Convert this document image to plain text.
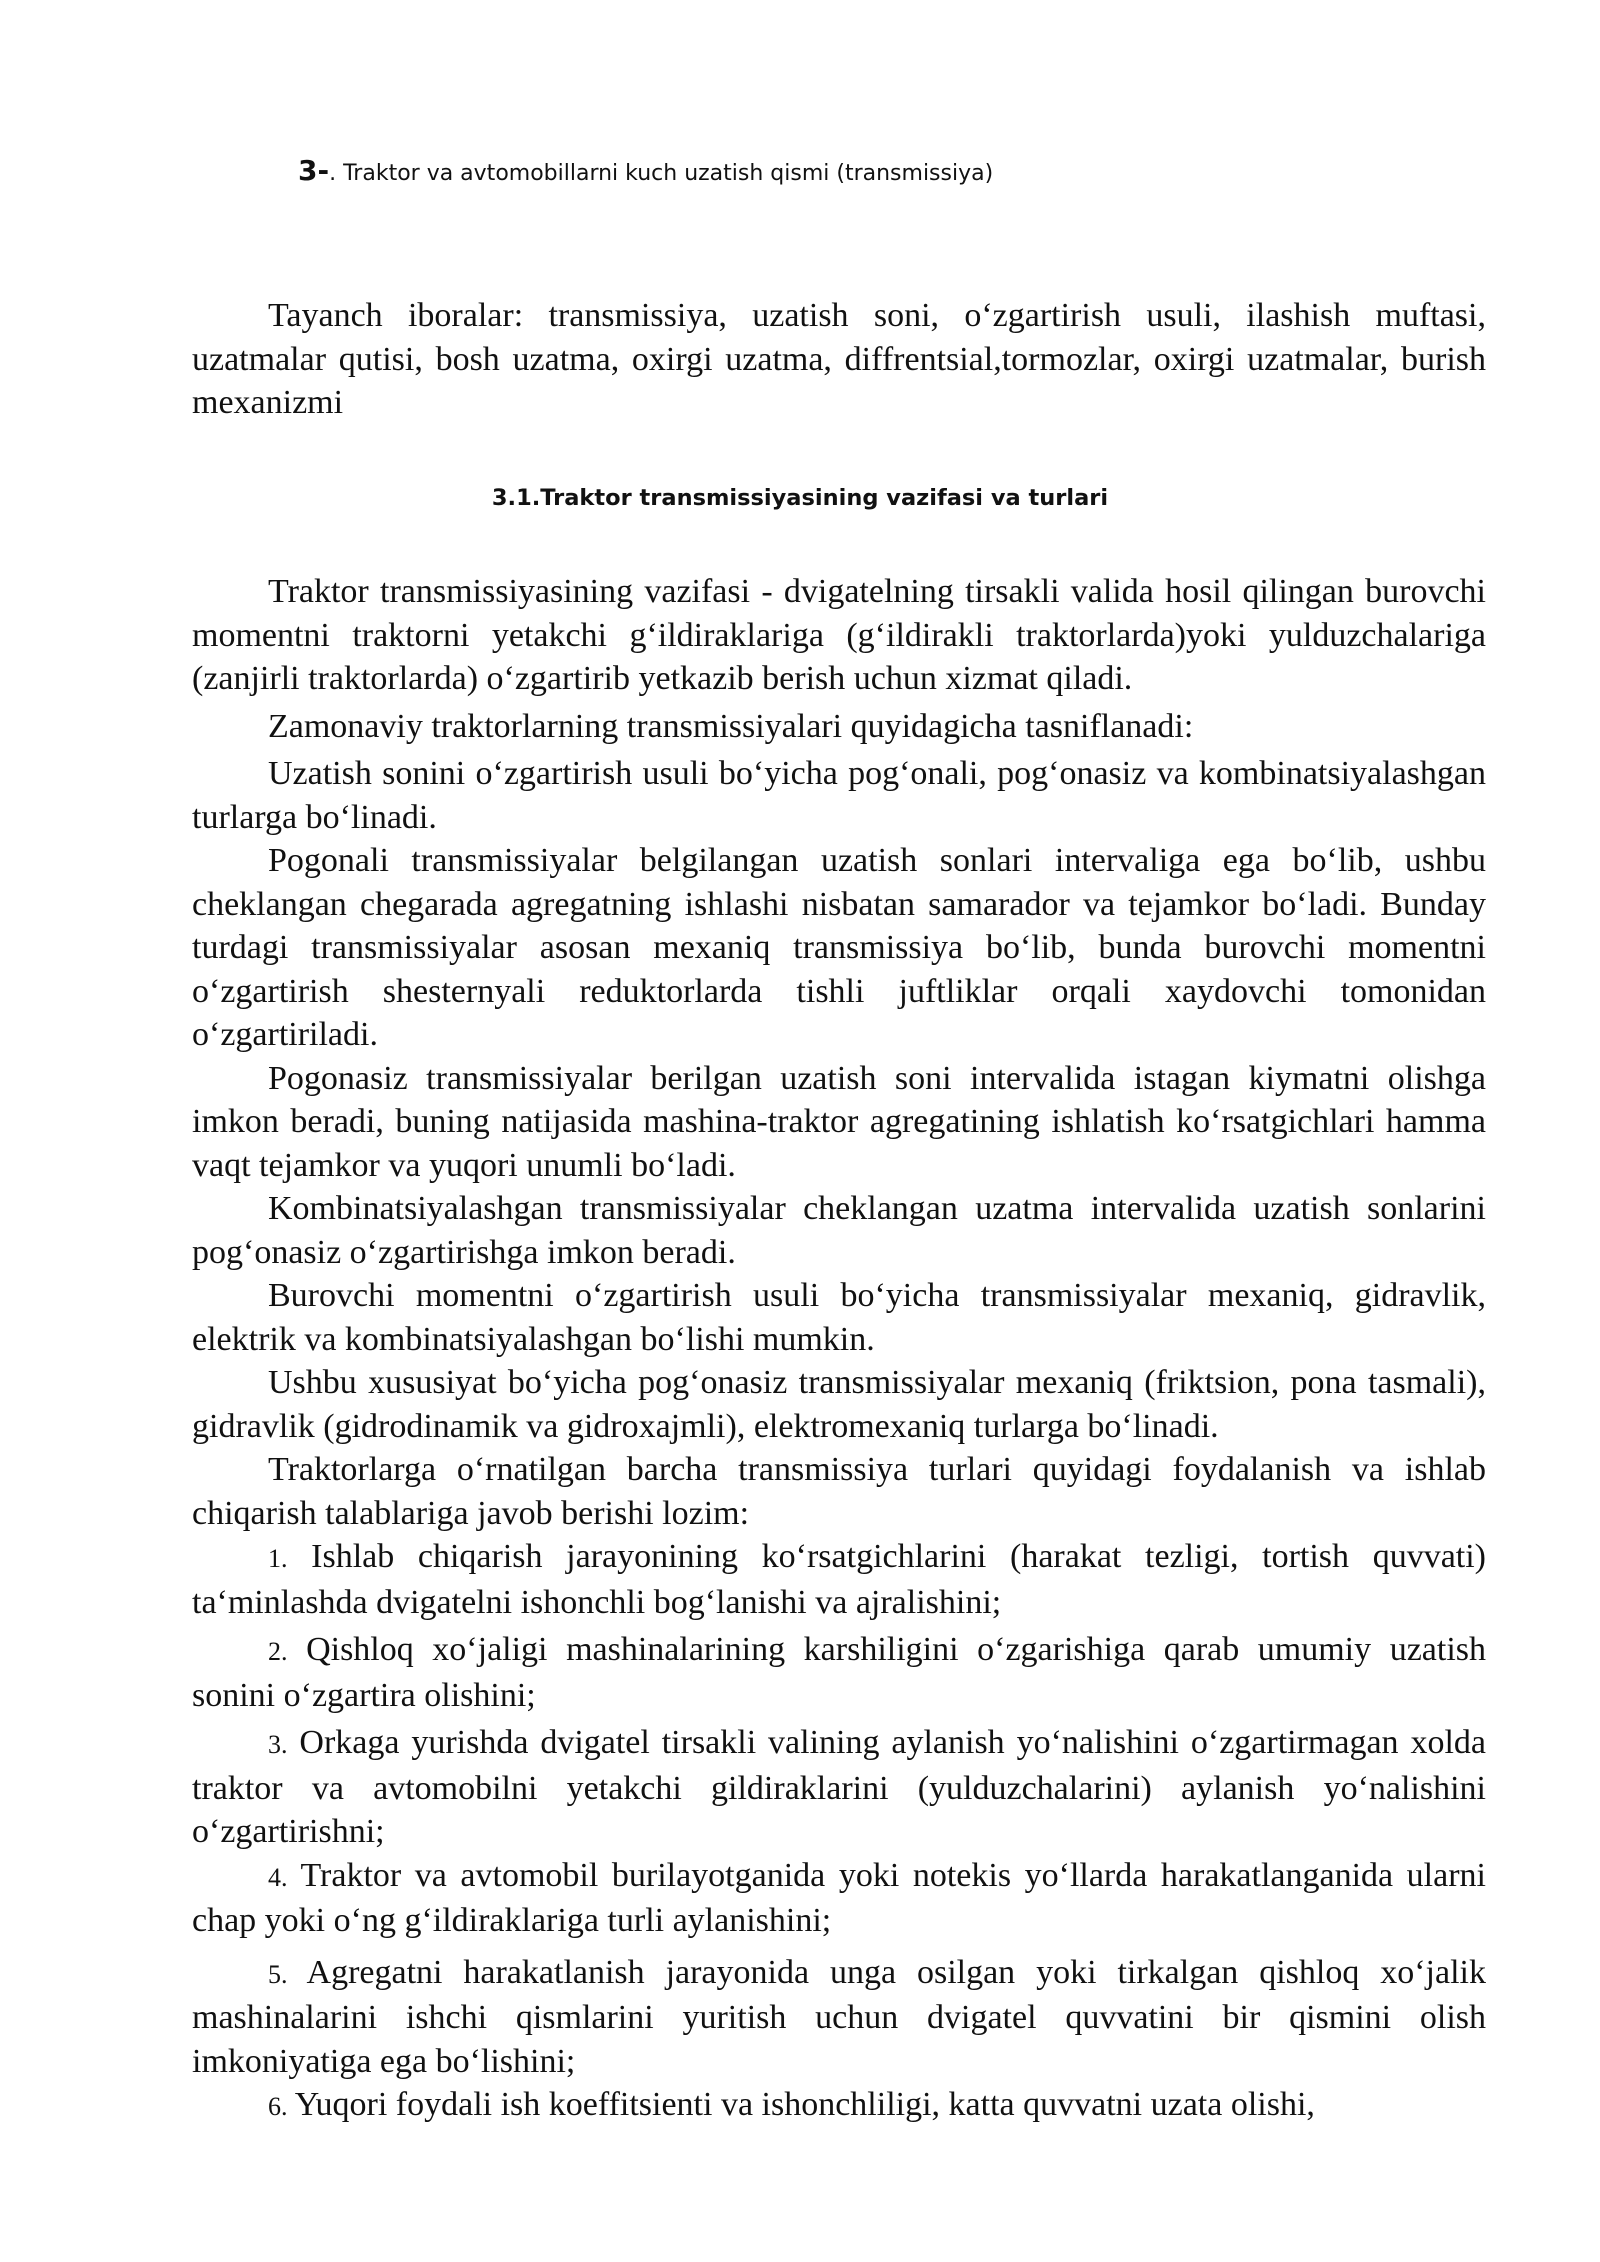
3-. Traktor va avtomobillarni kuch uzatish qismi (transmissiya)

Tayanch iboralar: transmissiya, uzatish soni, o‘zgartirish usuli, ilashish muftasi, uzatmalar qutisi, bosh uzatma, oxirgi uzatma, diffrentsial,tormozlar, oxirgi uzatmalar, burish mexanizmi

3.1.Traktor transmissiyasining vazifasi va turlari

Traktor transmissiyasining vazifasi - dvigatelning tirsakli valida hosil qilingan burovchi momentni traktorni yetakchi g‘ildiraklariga (g‘ildirakli traktorlarda)yoki yulduzchalariga (zanjirli traktorlarda) o‘zgartirib yetkazib berish uchun xizmat qiladi.

Zamonaviy traktorlarning transmissiyalari quyidagicha tasniflanadi:

Uzatish sonini o‘zgartirish usuli bo‘yicha pog‘onali, pog‘onasiz va kombinatsiyalashgan turlarga bo‘linadi.

Pogonali transmissiyalar belgilangan uzatish sonlari intervaliga ega bo‘lib, ushbu cheklangan chegarada agregatning ishlashi nisbatan samarador va tejamkor bo‘ladi. Bunday turdagi transmissiyalar asosan mexaniq transmissiya bo‘lib, bunda burovchi momentni o‘zgartirish shesternyali reduktorlarda tishli juftliklar orqali xaydovchi tomonidan o‘zgartiriladi.

Pogonasiz transmissiyalar berilgan uzatish soni intervalida istagan kiymatni olishga imkon beradi, buning natijasida mashina-traktor agregatining ishlatish ko‘rsatgichlari hamma vaqt tejamkor va yuqori unumli bo‘ladi.

Kombinatsiyalashgan transmissiyalar cheklangan uzatma intervalida uzatish sonlarini pog‘onasiz o‘zgartirishga imkon beradi.

Burovchi momentni o‘zgartirish usuli bo‘yicha transmissiyalar mexaniq, gidravlik, elektrik va kombinatsiyalashgan bo‘lishi mumkin.

Ushbu xususiyat bo‘yicha pog‘onasiz transmissiyalar mexaniq (friktsion, pona tasmali), gidravlik (gidrodinamik va gidroxajmli), elektromexaniq turlarga bo‘linadi.

Traktorlarga o‘rnatilgan barcha transmissiya turlari quyidagi foydalanish va ishlab chiqarish talablariga javob berishi lozim:

1. Ishlab chiqarish jarayonining ko‘rsatgichlarini (harakat tezligi, tortish quvvati) ta‘minlashda dvigatelni ishonchli bog‘lanishi va ajralishini;

2. Qishloq xo‘jaligi mashinalarining karshiligini o‘zgarishiga qarab umumiy uzatish sonini o‘zgartira olishini;

3. Orkaga yurishda dvigatel tirsakli valining aylanish yo‘nalishini o‘zgartirmagan xolda traktor va avtomobilni yetakchi gildiraklarini (yulduzchalarini) aylanish yo‘nalishini o‘zgartirishni;

4. Traktor va avtomobil burilayotganida yoki notekis yo‘llarda harakatlanganida ularni chap yoki o‘ng g‘ildiraklariga turli aylanishini;

5. Agregatni harakatlanish jarayonida unga osilgan yoki tirkalgan qishloq xo‘jalik mashinalarini ishchi qismlarini yuritish uchun dvigatel quvvatini bir qismini olish imkoniyatiga ega bo‘lishini;

6. Yuqori foydali ish koeffitsienti va ishonchliligi, katta quvvatni uzata olishi,
